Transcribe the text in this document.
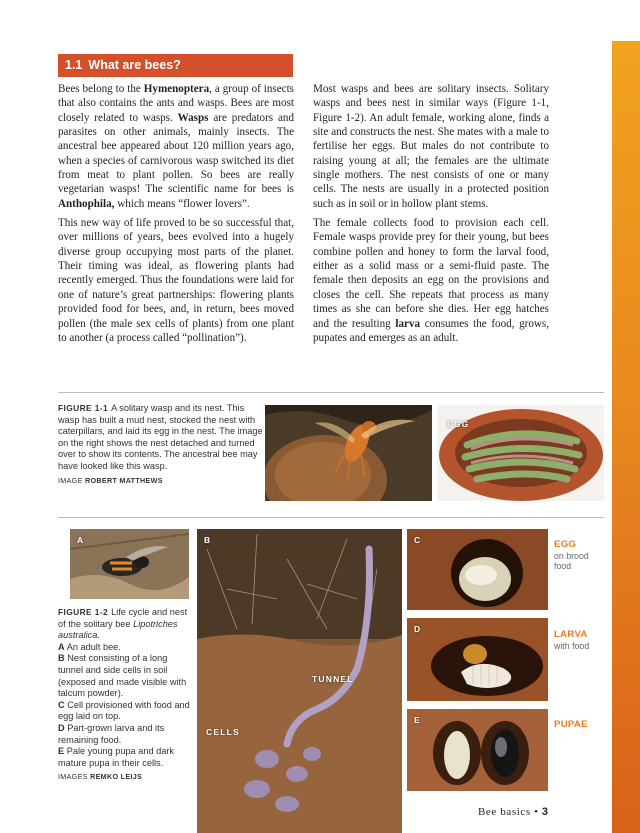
1.1 What are bees?

Bees belong to the Hymenoptera, a group of insects that also contains the ants and wasps. Bees are most closely related to wasps. Wasps are predators and parasites on other animals, mainly insects. The ancestral bee appeared about 120 million years ago, when a species of carnivorous wasp switched its diet from meat to plant pollen. So bees are really vegetarian wasps! The scientific name for bees is Anthophila, which means “flower lovers”.

This new way of life proved to be so successful that, over millions of years, bees evolved into a hugely diverse group occupying most parts of the planet. Their timing was ideal, as flowering plants had recently emerged. Thus the foundations were laid for one of nature’s great partnerships: flowering plants provided food for bees, and, in return, bees moved pollen (the male sex cells of plants) from one plant to another (a process called “pollination”).

Most wasps and bees are solitary insects. Solitary wasps and bees nest in similar ways (Figure 1-1, Figure 1-2). An adult female, working alone, finds a site and constructs the nest. She mates with a male to fertilise her eggs. But males do not contribute to raising young at all; the females are the ultimate single mothers. The nest consists of one or many cells. The nests are usually in a protected position such as in soil or in hollow plant stems.

The female collects food to provision each cell. Female wasps provide prey for their young, but bees combine pollen and honey to form the larval food, either as a solid mass or a semi-fluid paste. The female then deposits an egg on the provisions and closes the cell. She repeats that process as many times as she can before she dies. Her egg hatches and the resulting larva consumes the food, grows, pupates and emerges as an adult.

FIGURE 1-1 A solitary wasp and its nest. This wasp has built a mud nest, stocked the nest with caterpillars, and laid its egg in the nest. The image on the right shows the nest detached and turned over to show its contents. The ancestral bee may have looked like this wasp.
IMAGE ROBERT MATTHEWS
EGG
A	B
TUNNEL
CELLS
C
D
E
EGG
on brood food
LARVA
with food
PUPAE
FIGURE 1-2 Life cycle and nest of the solitary bee Lipotriches australica.
A An adult bee.
B Nest consisting of a long tunnel and side cells in soil (exposed and made visible with talcum powder).
C Cell provisioned with food and egg laid on top.
D Part-grown larva and its remaining food.
E Pale young pupa and dark mature pupa in their cells.
IMAGES REMKO LEIJS
Bee basics • 3
